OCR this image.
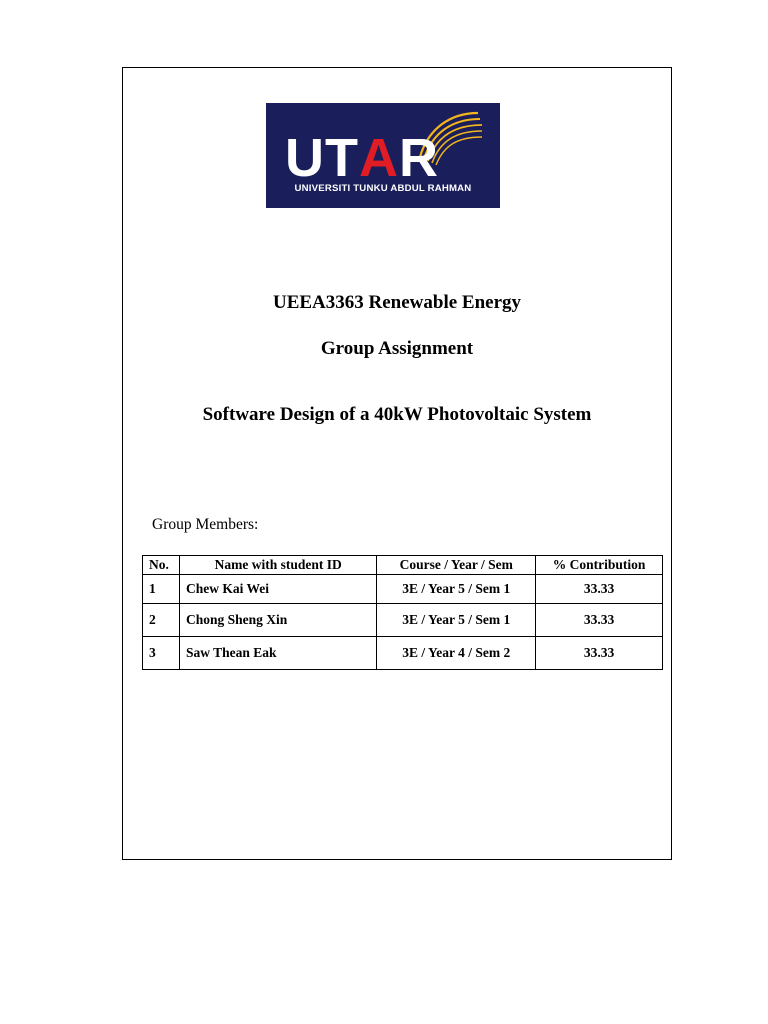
U T A R
UNIVERSITI TUNKU ABDUL RAHMAN
UEEA3363 Renewable Energy
Group Assignment
Software Design of a 40kW Photovoltaic System
Group Members:
No.	Name with student ID	Course / Year / Sem	% Contribution
1	Chew Kai Wei	3E / Year 5 / Sem 1	33.33
2	Chong Sheng Xin	3E / Year 5 / Sem 1	33.33
3	Saw Thean Eak	3E / Year 4 / Sem 2	33.33
